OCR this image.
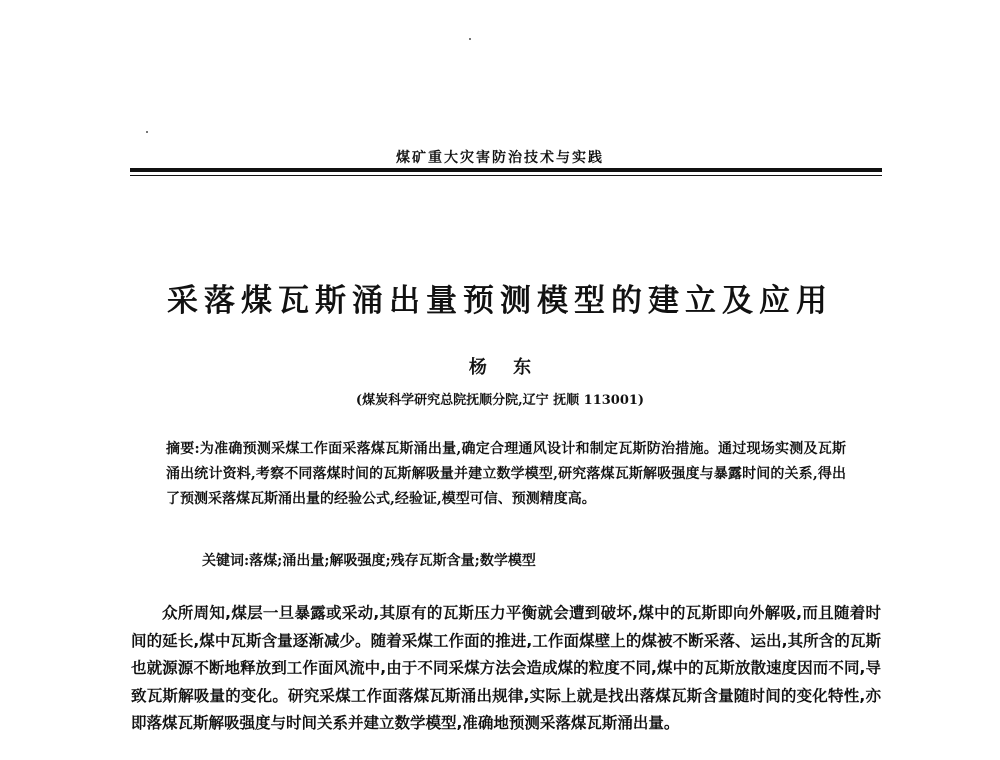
煤矿重大灾害防治技术与实践
采落煤瓦斯涌出量预测模型的建立及应用
杨 东
(煤炭科学研究总院抚顺分院,辽宁 抚顺 113001)

摘要:为准确预测采煤工作面采落煤瓦斯涌出量,确定合理通风设计和制定瓦斯防治措施。通过现场实测及瓦斯涌出统计资料,考察不同落煤时间的瓦斯解吸量并建立数学模型,研究落煤瓦斯解吸强度与暴露时间的关系,得出了预测采落煤瓦斯涌出量的经验公式,经验证,模型可信、预测精度高。

关键词:落煤;涌出量;解吸强度;残存瓦斯含量;数学模型

众所周知,煤层一旦暴露或采动,其原有的瓦斯压力平衡就会遭到破坏,煤中的瓦斯即向外解吸,而且随着时间的延长,煤中瓦斯含量逐渐减少。随着采煤工作面的推进,工作面煤壁上的煤被不断采落、运出,其所含的瓦斯也就源源不断地释放到工作面风流中,由于不同采煤方法会造成煤的粒度不同,煤中的瓦斯放散速度因而不同,导致瓦斯解吸量的变化。研究采煤工作面落煤瓦斯涌出规律,实际上就是找出落煤瓦斯含量随时间的变化特性,亦即落煤瓦斯解吸强度与时间关系并建立数学模型,准确地预测采落煤瓦斯涌出量。
